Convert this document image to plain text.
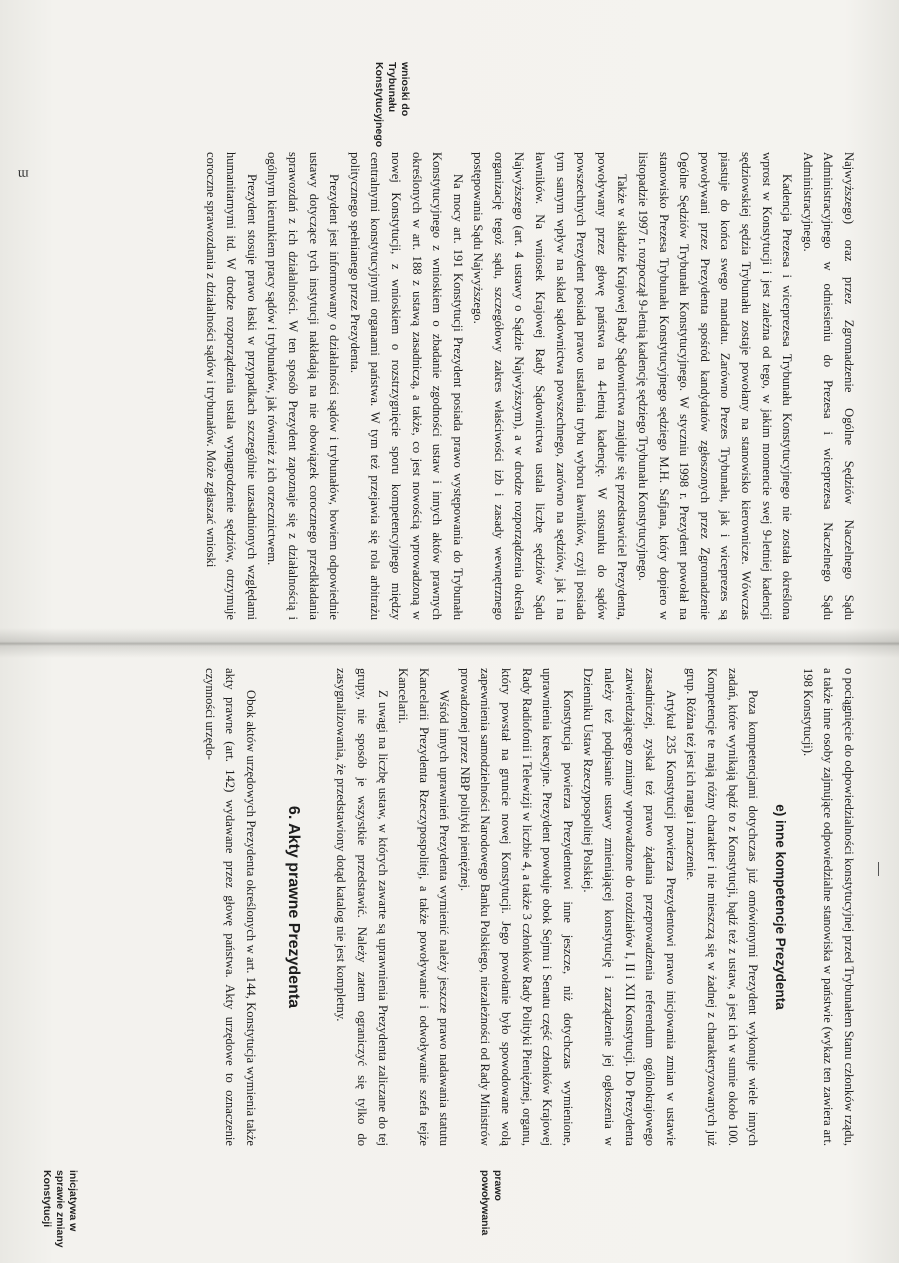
Najwyższego) oraz przez Zgromadzenie Ogólne Sędziów Naczelnego Sądu Administracyjnego w odniesieniu do Prezesa i wiceprezesa Naczelnego Sądu Administracyjnego.

Kadencja Prezesa i wiceprezesa Trybunału Konstytucyjnego nie została określona wprost w Konstytucji i jest zależna od tego, w jakim momencie swej 9-letniej kadencji sędziowskiej sędzia Trybunału zostaje powołany na stanowisko kierownicze. Wówczas piastuje do końca swego mandatu. Zarówno Prezes Trybunału, jak i wiceprezes są powoływani przez Prezydenta spośród kandydatów zgłoszonych przez Zgromadzenie Ogólne Sędziów Trybunału Konstytucyjnego. W styczniu 1998 r. Prezydent powołał na stanowisko Prezesa Trybunału Konstytucyjnego sędziego M.H. Safjana, który dopiero w listopadzie 1997 r. rozpoczął 9-letnią kadencję sędziego Trybunału Konstytucyjnego.

Także w składzie Krajowej Rady Sądownictwa znajduje się przedstawiciel Prezydenta, powoływany przez głowę państwa na 4-letnią kadencję. W stosunku do sądów powszechnych Prezydent posiada prawo ustalenia trybu wyboru ławników, czyli posiada tym samym wpływ na skład sądownictwa powszechnego, zarówno na sędziów, jak i na ławników. Na wniosek Krajowej Rady Sądownictwa ustala liczbę sędziów Sądu Najwyższego (art. 4 ustawy o Sądzie Najwyższym), a w drodze rozporządzenia określa organizację tegoż sądu, szczegółowy zakres właściwości izb i zasady wewnętrznego postępowania Sądu Najwyższego.

Na mocy art. 191 Konstytucji Prezydent posiada prawo występowania do Trybunału Konstytucyjnego z wnioskiem o zbadanie zgodności ustaw i innych aktów prawnych określonych w art. 188 z ustawą zasadniczą, a także, co jest nowością wprowadzoną w nowej Konstytucji, z wnioskiem o rozstrzygnięcie sporu kompetencyjnego między centralnymi konstytucyjnymi organami państwa. W tym też przejawia się rola arbitrażu politycznego spełnianego przez Prezydenta.

Prezydent jest informowany o działalności sądów i trybunałów, bowiem odpowiednie ustawy dotyczące tych instytucji nakładają na nie obowiązek corocznego przedkładania sprawozdań z ich działalności. W ten sposób Prezydent zapoznaje się z działalnością i ogólnym kierunkiem pracy sądów i trybunałów, jak również z ich orzecznictwem.

Prezydent stosuje prawo łaski w przypadkach szczególnie uzasadnionych względami humanitarnymi itd. W drodze rozporządzenia ustala wynagrodzenie sędziów, otrzymuje coroczne sprawozdania z działalności sądów i trybunałów. Może zgłaszać wnioski

wnioski do Trybunału Konstytucyjnego
ᴟ

o pociągnięcie do odpowiedzialności konstytucyjnej przed Trybunałem Stanu członków rządu, a także inne osoby zajmujące odpowiedzialne stanowiska w państwie (wykaz ten zawiera art. 198 Konstytucji).

e) inne kompetencje Prezydenta

Poza kompetencjami dotychczas już omówionymi Prezydent wykonuje wiele innych zadań, które wynikają bądź to z Konstytucji, bądź też z ustaw, a jest ich w sumie około 100. Kompetencje te mają różny charakter i nie mieszczą się w żadnej z charakteryzowanych już grup. Różna też jest ich ranga i znaczenie.

Artykuł 235 Konstytucji powierza Prezydentowi prawo inicjowania zmian w ustawie zasadniczej, zyskał też prawo żądania przeprowadzenia referendum ogólnokrajowego zatwierdzającego zmiany wprowadzone do rozdziałów I, II i XII Konstytucji. Do Prezydenta należy też podpisanie ustawy zmieniającej konstytucję i zarządzenie jej ogłoszenia w Dzienniku Ustaw Rzeczypospolitej Polskiej.

Konstytucja powierza Prezydentowi inne jeszcze, niż dotychczas wymienione, uprawnienia kreacyjne. Prezydent powołuje obok Sejmu i Senatu część członków Krajowej Rady Radiofonii i Telewizji w liczbie 4, a także 3 członków Rady Polityki Pieniężnej, organu, który powstał na gruncie nowej Konstytucji. Jego powołanie było spowodowane wolą zapewnienia samodzielności Narodowego Banku Polskiego, niezależności od Rady Ministrów prowadzonej przez NBP polityki pieniężnej.

Wśród innych uprawnień Prezydenta wymienić należy jeszcze prawo nadawania statutu Kancelarii Prezydenta Rzeczypospolitej, a także powoływanie i odwoływanie szefa tejże Kancelarii.

Z uwagi na liczbę ustaw, w których zawarte są uprawnienia Prezydenta zaliczane do tej grupy, nie sposób je wszystkie przedstawić. Należy zatem ograniczyć się tylko do zasygnalizowania, że przedstawiony dotąd katalog nie jest kompletny.

6. Akty prawne Prezydenta

Obok aktów urzędowych Prezydenta określonych w art. 144, Konstytucja wymienia także akty prawne (art. 142) wydawane przez głowę państwa. Akty urzędowe to oznaczenie czynności urzędo-

inicjatywa w sprawie zmiany Konstytucji	prawo powoływania
